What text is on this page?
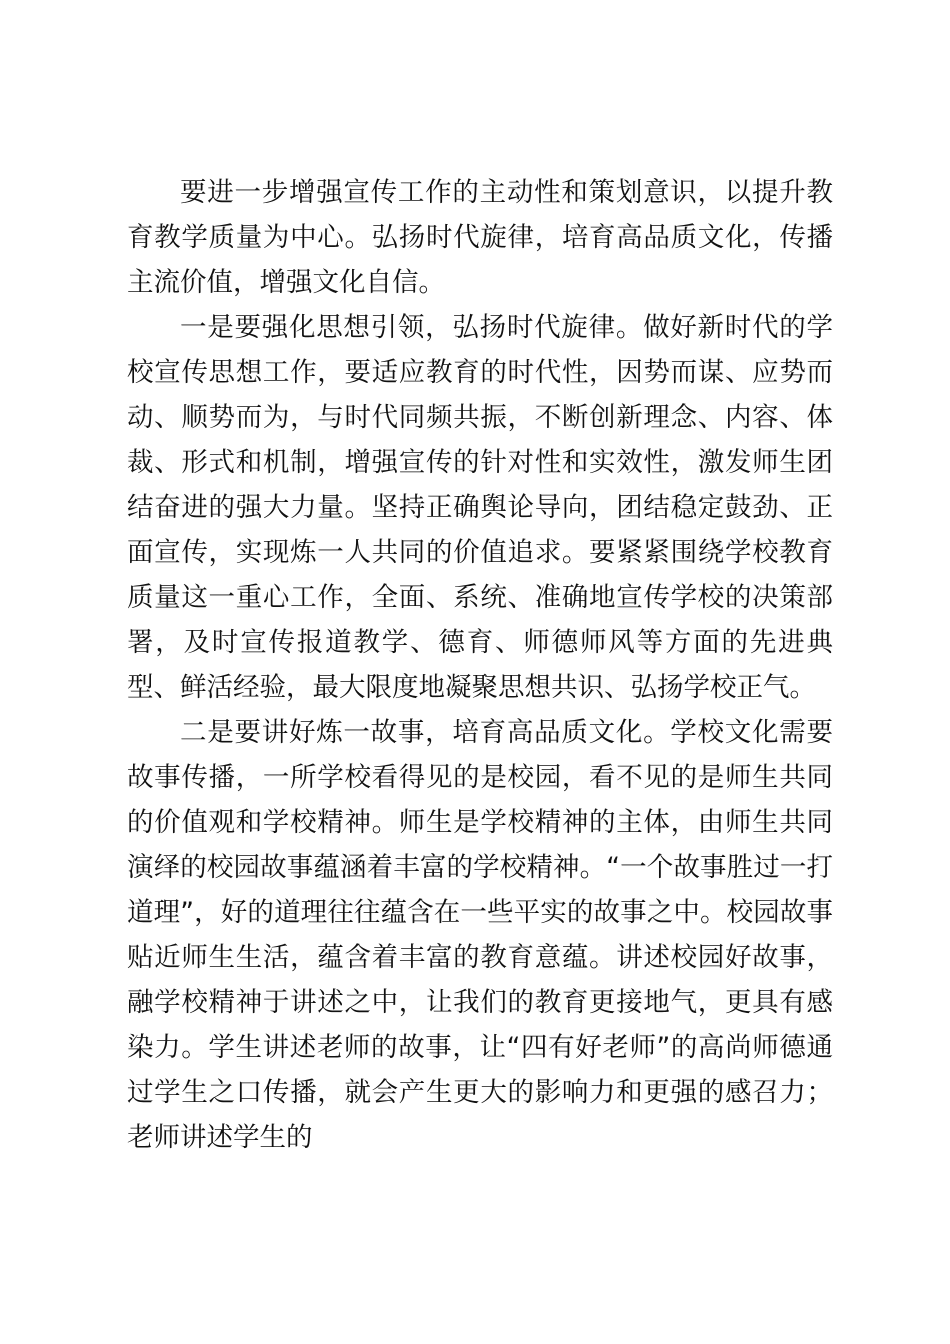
要进一步增强宣传工作的主动性和策划意识，以提升教育教学质量为中心。弘扬时代旋律，培育高品质文化，传播主流价值，增强文化自信。

一是要强化思想引领，弘扬时代旋律。做好新时代的学校宣传思想工作，要适应教育的时代性，因势而谋、应势而动、顺势而为，与时代同频共振，不断创新理念、内容、体裁、形式和机制，增强宣传的针对性和实效性，激发师生团结奋进的强大力量。坚持正确舆论导向，团结稳定鼓劲、正面宣传，实现炼一人共同的价值追求。要紧紧围绕学校教育质量这一重心工作，全面、系统、准确地宣传学校的决策部署，及时宣传报道教学、德育、师德师风等方面的先进典型、鲜活经验，最大限度地凝聚思想共识、弘扬学校正气。

二是要讲好炼一故事，培育高品质文化。学校文化需要故事传播，一所学校看得见的是校园，看不见的是师生共同的价值观和学校精神。师生是学校精神的主体，由师生共同演绎的校园故事蕴涵着丰富的学校精神。“一个故事胜过一打道理”，好的道理往往蕴含在一些平实的故事之中。校园故事贴近师生生活，蕴含着丰富的教育意蕴。讲述校园好故事，融学校精神于讲述之中，让我们的教育更接地气，更具有感染力。学生讲述老师的故事，让“四有好老师”的高尚师德通过学生之口传播，就会产生更大的影响力和更强的感召力；老师讲述学生的
